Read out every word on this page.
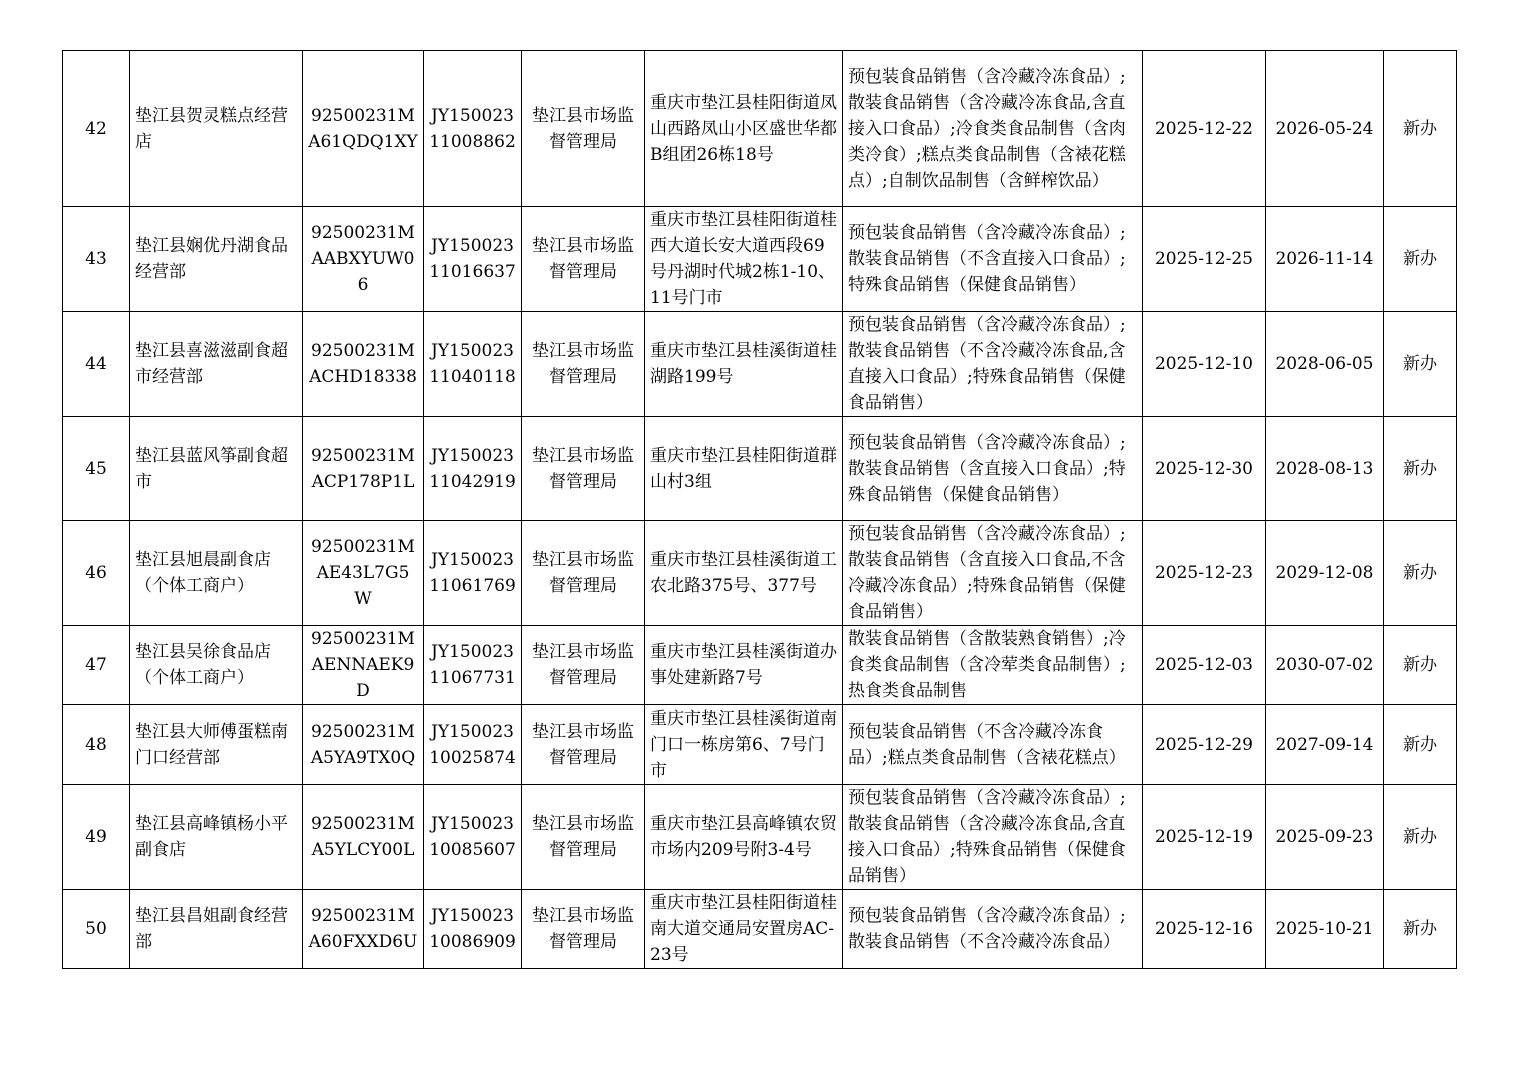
42	垫江县贺灵糕点经营店	92500231MA61QDQ1XY	JY15002311008862	垫江县市场监督管理局	重庆市垫江县桂阳街道凤山西路凤山小区盛世华都B组团26栋18号	预包装食品销售（含冷藏冷冻食品）;散装食品销售（含冷藏冷冻食品,含直接入口食品）;冷食类食品制售（含肉类冷食）;糕点类食品制售（含裱花糕点）;自制饮品制售（含鲜榨饮品）	2025-12-22	2026-05-24	新办
43	垫江县娴优丹湖食品经营部	92500231MAABXYUW06	JY15002311016637	垫江县市场监督管理局	重庆市垫江县桂阳街道桂西大道长安大道西段69号丹湖时代城2栋1-10、11号门市	预包装食品销售（含冷藏冷冻食品）;散装食品销售（不含直接入口食品）;特殊食品销售（保健食品销售）	2025-12-25	2026-11-14	新办
44	垫江县喜滋滋副食超市经营部	92500231MACHD18338	JY15002311040118	垫江县市场监督管理局	重庆市垫江县桂溪街道桂湖路199号	预包装食品销售（含冷藏冷冻食品）;散装食品销售（不含冷藏冷冻食品,含直接入口食品）;特殊食品销售（保健食品销售）	2025-12-10	2028-06-05	新办
45	垫江县蓝风筝副食超市	92500231MACP178P1L	JY15002311042919	垫江县市场监督管理局	重庆市垫江县桂阳街道群山村3组	预包装食品销售（含冷藏冷冻食品）;散装食品销售（含直接入口食品）;特殊食品销售（保健食品销售）	2025-12-30	2028-08-13	新办
46	垫江县旭晨副食店（个体工商户）	92500231MAE43L7G5W	JY15002311061769	垫江县市场监督管理局	重庆市垫江县桂溪街道工农北路375号、377号	预包装食品销售（含冷藏冷冻食品）;散装食品销售（含直接入口食品,不含冷藏冷冻食品）;特殊食品销售（保健食品销售）	2025-12-23	2029-12-08	新办
47	垫江县吴徐食品店（个体工商户）	92500231MAENNAEK9D	JY15002311067731	垫江县市场监督管理局	重庆市垫江县桂溪街道办事处建新路7号	散装食品销售（含散装熟食销售）;冷食类食品制售（含冷荤类食品制售）;热食类食品制售	2025-12-03	2030-07-02	新办
48	垫江县大师傅蛋糕南门口经营部	92500231MA5YA9TX0Q	JY15002310025874	垫江县市场监督管理局	重庆市垫江县桂溪街道南门口一栋房第6、7号门市	预包装食品销售（不含冷藏冷冻食品）;糕点类食品制售（含裱花糕点）	2025-12-29	2027-09-14	新办
49	垫江县高峰镇杨小平副食店	92500231MA5YLCY00L	JY15002310085607	垫江县市场监督管理局	重庆市垫江县高峰镇农贸市场内209号附3-4号	预包装食品销售（含冷藏冷冻食品）;散装食品销售（含冷藏冷冻食品,含直接入口食品）;特殊食品销售（保健食品销售）	2025-12-19	2025-09-23	新办
50	垫江县昌姐副食经营部	92500231MA60FXXD6U	JY15002310086909	垫江县市场监督管理局	重庆市垫江县桂阳街道桂南大道交通局安置房AC-23号	预包装食品销售（含冷藏冷冻食品）;散装食品销售（不含冷藏冷冻食品）	2025-12-16	2025-10-21	新办
